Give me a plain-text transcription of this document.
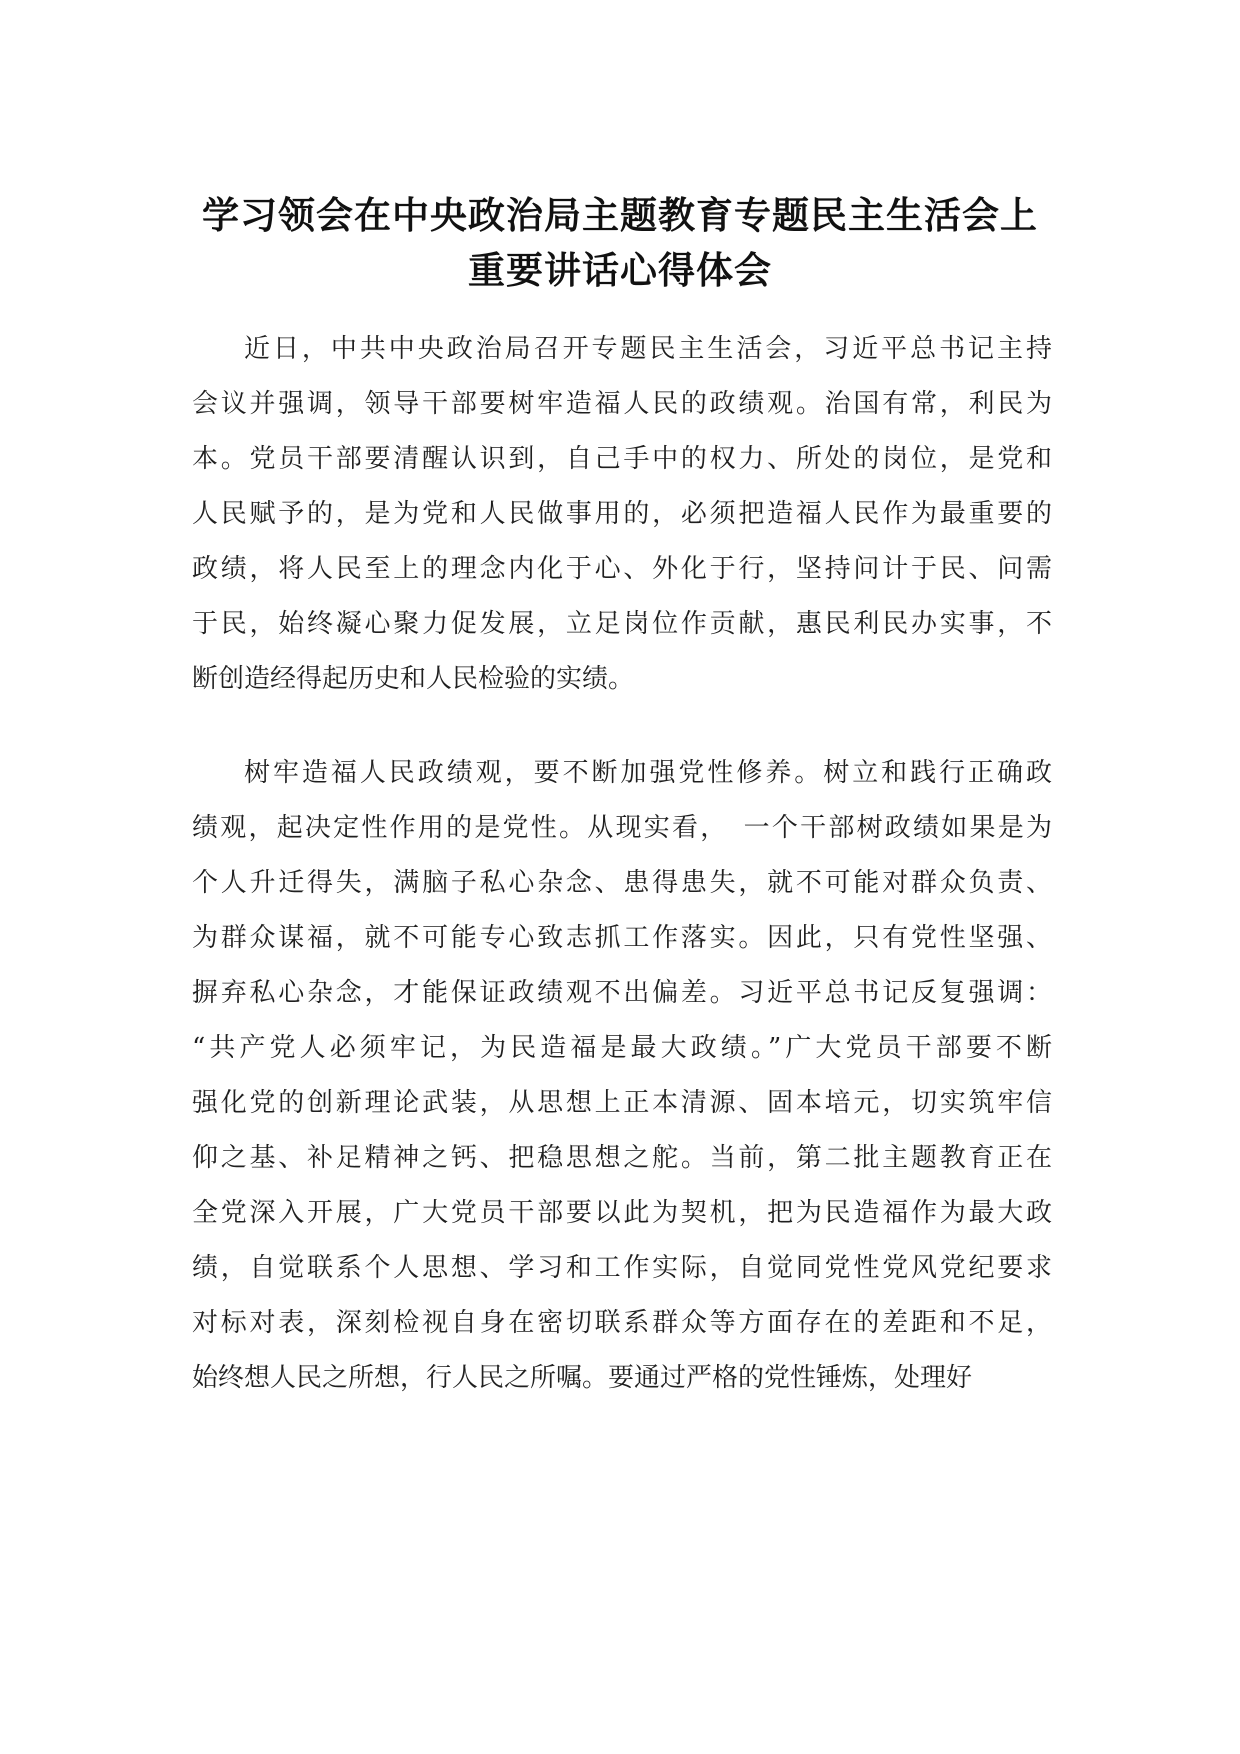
学习领会在中央政治局主题教育专题民主生活会上
重要讲话心得体会
近日，中共中央政治局召开专题民主生活会，习近平总书记主持
会议并强调，领导干部要树牢造福人民的政绩观。治国有常，利民为
本。党员干部要清醒认识到，自己手中的权力、所处的岗位，是党和
人民赋予的，是为党和人民做事用的，必须把造福人民作为最重要的
政绩，将人民至上的理念内化于心、外化于行，坚持问计于民、问需
于民，始终凝心聚力促发展，立足岗位作贡献，惠民利民办实事，不
断创造经得起历史和人民检验的实绩。
树牢造福人民政绩观，要不断加强党性修养。树立和践行正确政
绩观，起决定性作用的是党性。从现实看，　一个干部树政绩如果是为
个人升迁得失，满脑子私心杂念、患得患失，就不可能对群众负责、
为群众谋福，就不可能专心致志抓工作落实。因此，只有党性坚强、
摒弃私心杂念，才能保证政绩观不出偏差。习近平总书记反复强调：
“共产党人必须牢记，为民造福是最大政绩。”广大党员干部要不断
强化党的创新理论武装，从思想上正本清源、固本培元，切实筑牢信
仰之基、补足精神之钙、把稳思想之舵。当前，第二批主题教育正在
全党深入开展，广大党员干部要以此为契机，把为民造福作为最大政
绩，自觉联系个人思想、学习和工作实际，自觉同党性党风党纪要求
对标对表，深刻检视自身在密切联系群众等方面存在的差距和不足，
始终想人民之所想，行人民之所嘱。要通过严格的党性锤炼，处理好
